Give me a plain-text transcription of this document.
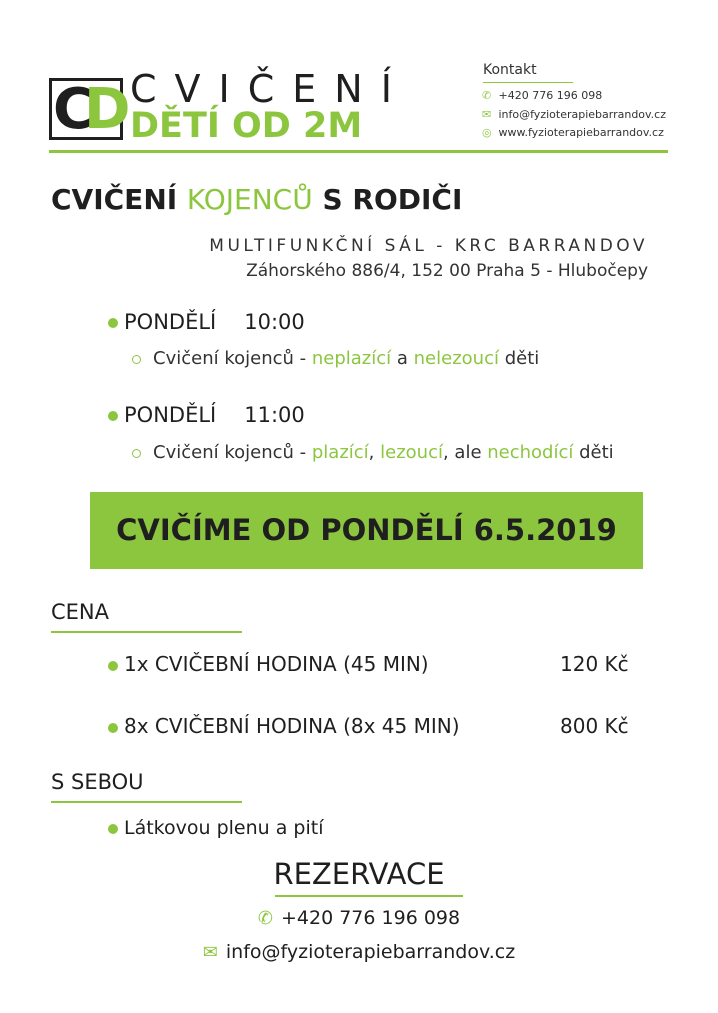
C
D CVIČENÍ
DĚTÍ OD 2M
Kontakt
✆ +420 776 196 098
✉ info@fyzioterapiebarrandov.cz
◎ www.fyzioterapiebarrandov.cz
CVIČENÍ KOJENCŮ S RODIČI
MULTIFUNKČNÍ SÁL - KRC BARRANDOV
Záhorského 886/4, 152 00 Praha 5 - Hlubočepy
PONDĚLÍ 10:00
Cvičení kojenců - neplazící a nelezoucí děti
PONDĚLÍ 11:00
Cvičení kojenců - plazící, lezoucí, ale nechodící děti
CVIČÍME OD PONDĚLÍ 6.5.2019
CENA
1x CVIČEBNÍ HODINA (45 MIN)	120 Kč
8x CVIČEBNÍ HODINA (8x 45 MIN)	800 Kč
S SEBOU
Látkovou plenu a pití
REZERVACE
✆ +420 776 196 098
✉ info@fyzioterapiebarrandov.cz
